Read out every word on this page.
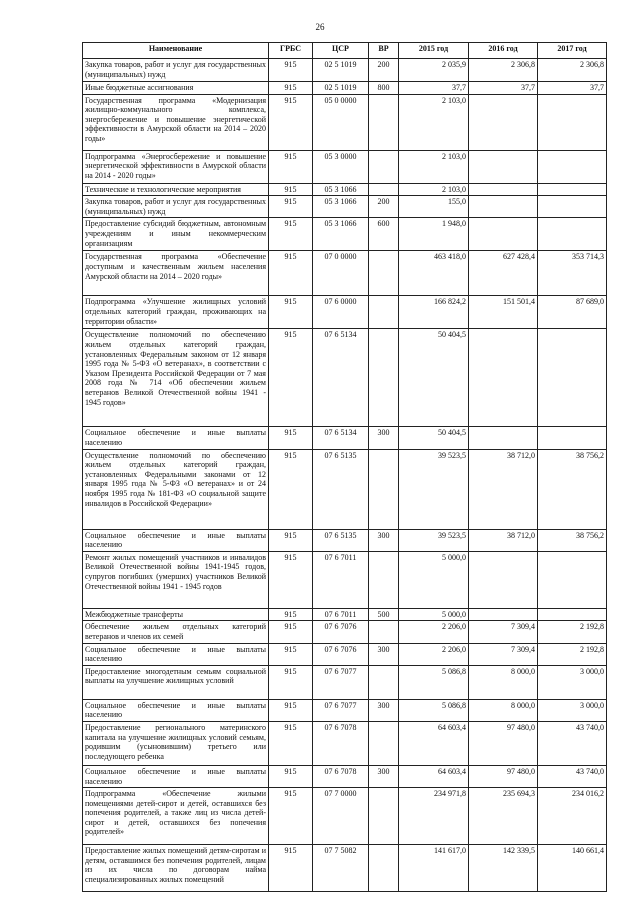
26
Наименование	ГРБС	ЦСР	ВР	2015 год	2016 год	2017 год
Закупка товаров, работ и услуг для государственных (муниципальных) нужд	915	02 5 1019	200	2 035,9	2 306,8	2 306,8
Иные бюджетные ассигнования	915	02 5 1019	800	37,7	37,7	37,7
Государственная программа «Модернизация жилищно-коммунального комплекса, энергосбережение и повышение энергетической эффективности в Амурской области на 2014 – 2020 годы»	915	05 0 0000		2 103,0		
Подпрограмма «Энергосбережение и повышение энергетической эффективности в Амурской области на 2014 - 2020 годы»	915	05 3 0000		2 103,0		
Технические и технологические мероприятия	915	05 3 1066		2 103,0		
Закупка товаров, работ и услуг для государственных (муниципальных) нужд	915	05 3 1066	200	155,0		
Предоставление субсидий бюджетным, автономным учреждениям и иным некоммерческим организациям	915	05 3 1066	600	1 948,0		
Государственная программа «Обеспечение доступным и качественным жильем населения Амурской области на 2014 – 2020 годы»	915	07 0 0000		463 418,0	627 428,4	353 714,3
Подпрограмма «Улучшение жилищных условий отдельных категорий граждан, проживающих на территории области»	915	07 6 0000		166 824,2	151 501,4	87 689,0
Осуществление полномочий по обеспечению жильем отдельных категорий граждан, установленных Федеральным законом от 12 января 1995 года № 5-ФЗ «О ветеранах», в соответствии с Указом Президента Российской Федерации от 7 мая 2008 года № 714 «Об обеспечении жильем ветеранов Великой Отечественной войны 1941 - 1945 годов»	915	07 6 5134		50 404,5		
Социальное обеспечение и иные выплаты населению	915	07 6 5134	300	50 404,5		
Осуществление полномочий по обеспечению жильем отдельных категорий граждан, установленных Федеральными законами от 12 января 1995 года № 5-ФЗ «О ветеранах» и от 24 ноября 1995 года № 181-ФЗ «О социальной защите инвалидов в Российской Федерации»	915	07 6 5135		39 523,5	38 712,0	38 756,2
Социальное обеспечение и иные выплаты населению	915	07 6 5135	300	39 523,5	38 712,0	38 756,2
Ремонт жилых помещений участников и инвалидов Великой Отечественной войны 1941-1945 годов, супругов погибших (умерших) участников Великой Отечественной войны 1941 - 1945 годов	915	07 6 7011		5 000,0		
Межбюджетные трансферты	915	07 6 7011	500	5 000,0		
Обеспечение жильем отдельных категорий ветеранов и членов их семей	915	07 6 7076		2 206,0	7 309,4	2 192,8
Социальное обеспечение и иные выплаты населению	915	07 6 7076	300	2 206,0	7 309,4	2 192,8
Предоставление многодетным семьям социальной выплаты на улучшение жилищных условий	915	07 6 7077		5 086,8	8 000,0	3 000,0
Социальное обеспечение и иные выплаты населению	915	07 6 7077	300	5 086,8	8 000,0	3 000,0
Предоставление регионального материнского капитала на улучшение жилищных условий семьям, родившим (усыновившим) третьего или последующего ребенка	915	07 6 7078		64 603,4	97 480,0	43 740,0
Социальное обеспечение и иные выплаты населению	915	07 6 7078	300	64 603,4	97 480,0	43 740,0
Подпрограмма «Обеспечение жилыми помещениями детей-сирот и детей, оставшихся без попечения родителей, а также лиц из числа детей-сирот и детей, оставшихся без попечения родителей»	915	07 7 0000		234 971,8	235 694,3	234 016,2
Предоставление жилых помещений детям-сиротам и детям, оставшимся без попечения родителей, лицам из их числа по договорам найма специализированных жилых помещений	915	07 7 5082		141 617,0	142 339,5	140 661,4
